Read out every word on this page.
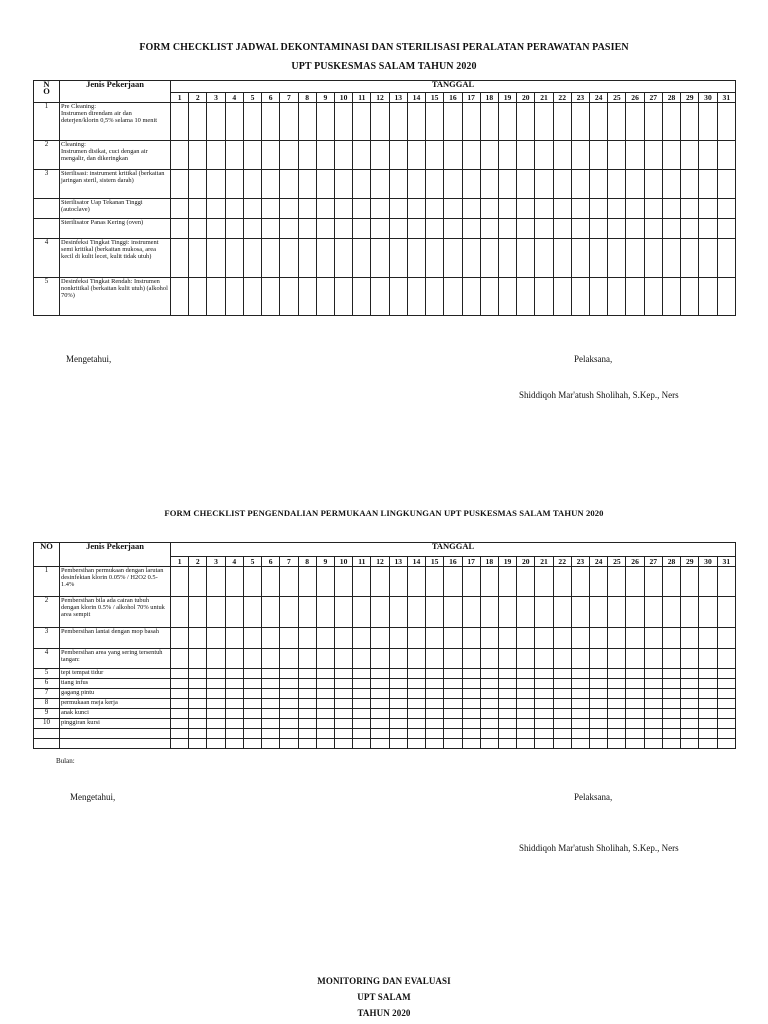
FORM CHECKLIST JADWAL DEKONTAMINASI DAN STERILISASI PERALATAN PERAWATAN PASIEN
UPT PUSKESMAS SALAM TAHUN 2020
N
O	Jenis Pekerjaan	TANGGAL																														
		1	2	3	4	5	6	7	8	9	10	11	12	13	14	15	16	17	18	19	20	21	22	23	24	25	26	27	28	29	30	31
1	Pre Cleaning:
Instrumen direndam air dan deterjen/klorin 0,5% selama 10 menit																															
2	Cleaning:
Instrumen disikat, cuci dengan air mengalir, dan dikeringkan																															
3	Sterilisasi: instrument kritikal (berkaitan jaringan steril, sistem darah)																															
	Sterilisator Uap Tekanan Tinggi (autoclave)																															
	Sterilisator Panas Kering (oven)																															
4	Desinfeksi Tingkat Tinggi: instrument semi kritikal (berkaitan mukosa, area kecil di kulit lecet, kulit tidak utuh)																															
5	Desinfeksi Tingkat Rendah: Instrumen nonkritikal (berkaitan kulit utuh) (alkohol 70%)																															
Mengetahui,	Pelaksana,
Shiddiqoh Mar'atush Sholihah, S.Kep., Ners
FORM CHECKLIST PENGENDALIAN PERMUKAAN LINGKUNGAN UPT PUSKESMAS SALAM TAHUN 2020
NO	Jenis Pekerjaan	TANGGAL																														
		1	2	3	4	5	6	7	8	9	10	11	12	13	14	15	16	17	18	19	20	21	22	23	24	25	26	27	28	29	30	31
1	Pembersihan permukaan dengan larutan desinfektan klorin 0.05% / H2O2 0.5-1.4%																															
2	Pembersihan bila ada cairan tubuh dengan klorin 0.5% / alkohol 70% untuk area sempit																															
3	Pembersihan lantai dengan mop basah																															
4	Pembersihan area yang sering tersentuh tangan:																															
5	tepi tempat tidur																															
6	tiang infus																															
7	gagang pintu																															
8	permukaan meja kerja																															
9	anak kunci																															
10	pinggiran kursi																															

Bulan:
Mengetahui,	Pelaksana,
Shiddiqoh Mar'atush Sholihah, S.Kep., Ners
MONITORING DAN EVALUASI
UPT SALAM
TAHUN 2020
